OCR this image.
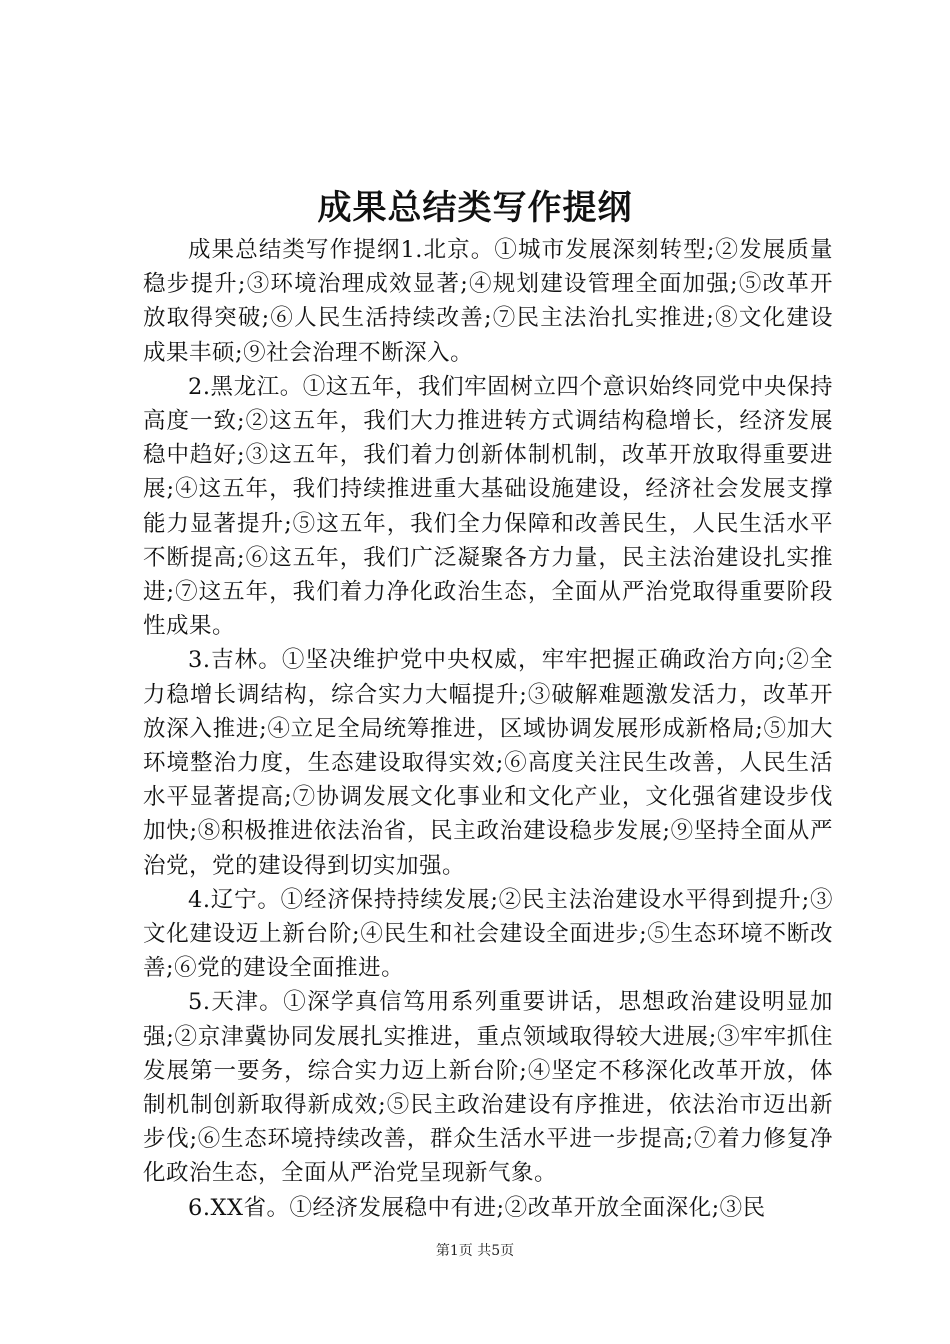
成果总结类写作提纲

成果总结类写作提纲1.北京。①城市发展深刻转型;②发展质量稳步提升;③环境治理成效显著;④规划建设管理全面加强;⑤改革开放取得突破;⑥人民生活持续改善;⑦民主法治扎实推进;⑧文化建设成果丰硕;⑨社会治理不断深入。

2.黑龙江。①这五年，我们牢固树立四个意识始终同党中央保持高度一致;②这五年，我们大力推进转方式调结构稳增长，经济发展稳中趋好;③这五年，我们着力创新体制机制，改革开放取得重要进展;④这五年，我们持续推进重大基础设施建设，经济社会发展支撑能力显著提升;⑤这五年，我们全力保障和改善民生，人民生活水平不断提高;⑥这五年，我们广泛凝聚各方力量，民主法治建设扎实推进;⑦这五年，我们着力净化政治生态，全面从严治党取得重要阶段性成果。

3.吉林。①坚决维护党中央权威，牢牢把握正确政治方向;②全力稳增长调结构，综合实力大幅提升;③破解难题激发活力，改革开放深入推进;④立足全局统筹推进，区域协调发展形成新格局;⑤加大环境整治力度，生态建设取得实效;⑥高度关注民生改善，人民生活水平显著提高;⑦协调发展文化事业和文化产业，文化强省建设步伐加快;⑧积极推进依法治省，民主政治建设稳步发展;⑨坚持全面从严治党，党的建设得到切实加强。

4.辽宁。①经济保持持续发展;②民主法治建设水平得到提升;③文化建设迈上新台阶;④民生和社会建设全面进步;⑤生态环境不断改善;⑥党的建设全面推进。

5.天津。①深学真信笃用系列重要讲话，思想政治建设明显加强;②京津冀协同发展扎实推进，重点领域取得较大进展;③牢牢抓住发展第一要务，综合实力迈上新台阶;④坚定不移深化改革开放，体制机制创新取得新成效;⑤民主政治建设有序推进，依法治市迈出新步伐;⑥生态环境持续改善，群众生活水平进一步提高;⑦着力修复净化政治生态，全面从严治党呈现新气象。

6.XX省。①经济发展稳中有进;②改革开放全面深化;③民

第1页 共5页
